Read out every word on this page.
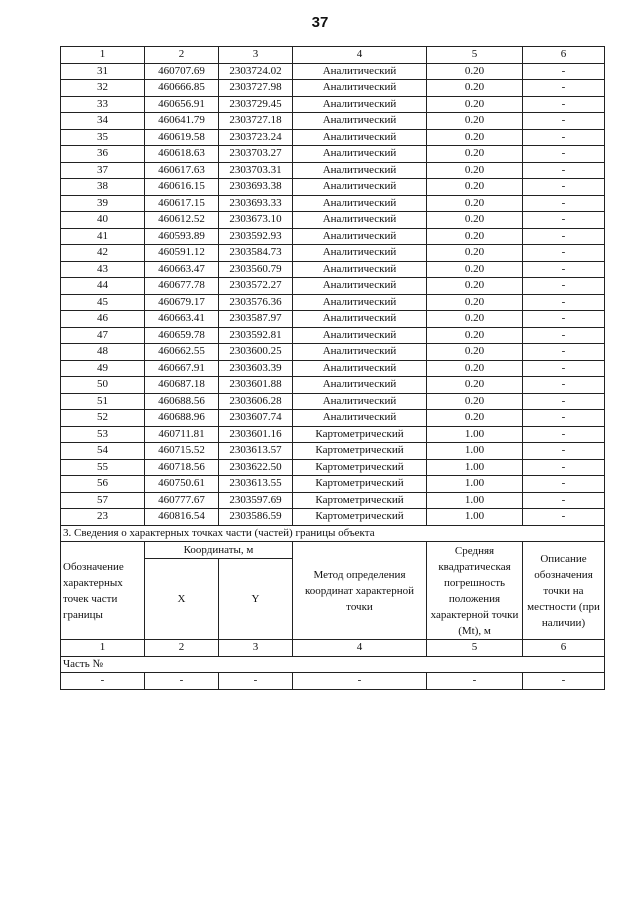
37
1	2	3	4	5	6
31	460707.69	2303724.02	Аналитический	0.20	-
32	460666.85	2303727.98	Аналитический	0.20	-
33	460656.91	2303729.45	Аналитический	0.20	-
34	460641.79	2303727.18	Аналитический	0.20	-
35	460619.58	2303723.24	Аналитический	0.20	-
36	460618.63	2303703.27	Аналитический	0.20	-
37	460617.63	2303703.31	Аналитический	0.20	-
38	460616.15	2303693.38	Аналитический	0.20	-
39	460617.15	2303693.33	Аналитический	0.20	-
40	460612.52	2303673.10	Аналитический	0.20	-
41	460593.89	2303592.93	Аналитический	0.20	-
42	460591.12	2303584.73	Аналитический	0.20	-
43	460663.47	2303560.79	Аналитический	0.20	-
44	460677.78	2303572.27	Аналитический	0.20	-
45	460679.17	2303576.36	Аналитический	0.20	-
46	460663.41	2303587.97	Аналитический	0.20	-
47	460659.78	2303592.81	Аналитический	0.20	-
48	460662.55	2303600.25	Аналитический	0.20	-
49	460667.91	2303603.39	Аналитический	0.20	-
50	460687.18	2303601.88	Аналитический	0.20	-
51	460688.56	2303606.28	Аналитический	0.20	-
52	460688.96	2303607.74	Аналитический	0.20	-
53	460711.81	2303601.16	Картометрический	1.00	-
54	460715.52	2303613.57	Картометрический	1.00	-
55	460718.56	2303622.50	Картометрический	1.00	-
56	460750.61	2303613.55	Картометрический	1.00	-
57	460777.67	2303597.69	Картометрический	1.00	-
23	460816.54	2303586.59	Картометрический	1.00	-
3. Сведения о характерных точках части (частей) границы объекта					
Обозначение характерных точек части границы	Координаты, м		Метод определения координат характерной точки	Средняя квадратическая погрешность положения характерной точки (Mt), м	Описание обозначения точки на местности (при наличии)
	X	Y			
1	2	3	4	5	6
Часть №					
-	-	-	-	-	-
